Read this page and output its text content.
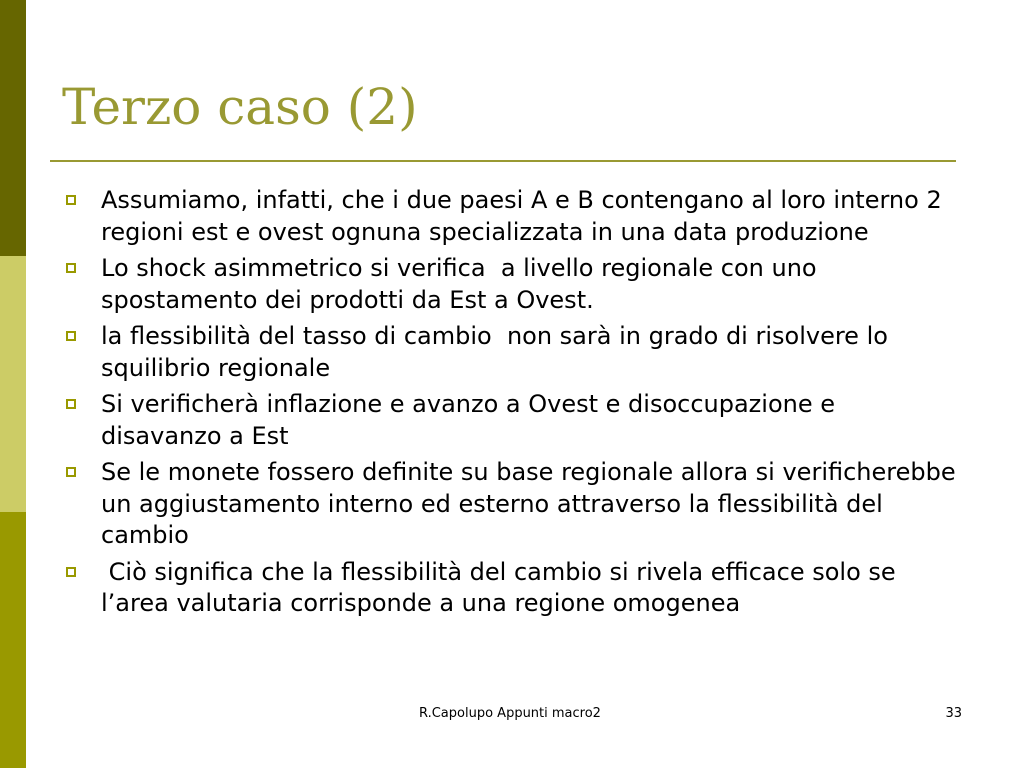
Terzo caso (2)
Assumiamo, infatti, che i due paesi A e B contengano al loro interno 2 regioni est e ovest ognuna specializzata in una data produzione
Lo shock asimmetrico si verifica  a livello regionale con uno spostamento dei prodotti da Est a Ovest.
la flessibilità del tasso di cambio  non sarà in grado di risolvere lo squilibrio regionale
Si verificherà inflazione e avanzo a Ovest e disoccupazione e disavanzo a Est
Se le monete fossero definite su base regionale allora si verificherebbe un aggiustamento interno ed esterno attraverso la flessibilità del cambio
Ciò significa che la flessibilità del cambio si rivela efficace solo se l’area valutaria corrisponde a una regione omogenea
R.Capolupo Appunti macro2	33
